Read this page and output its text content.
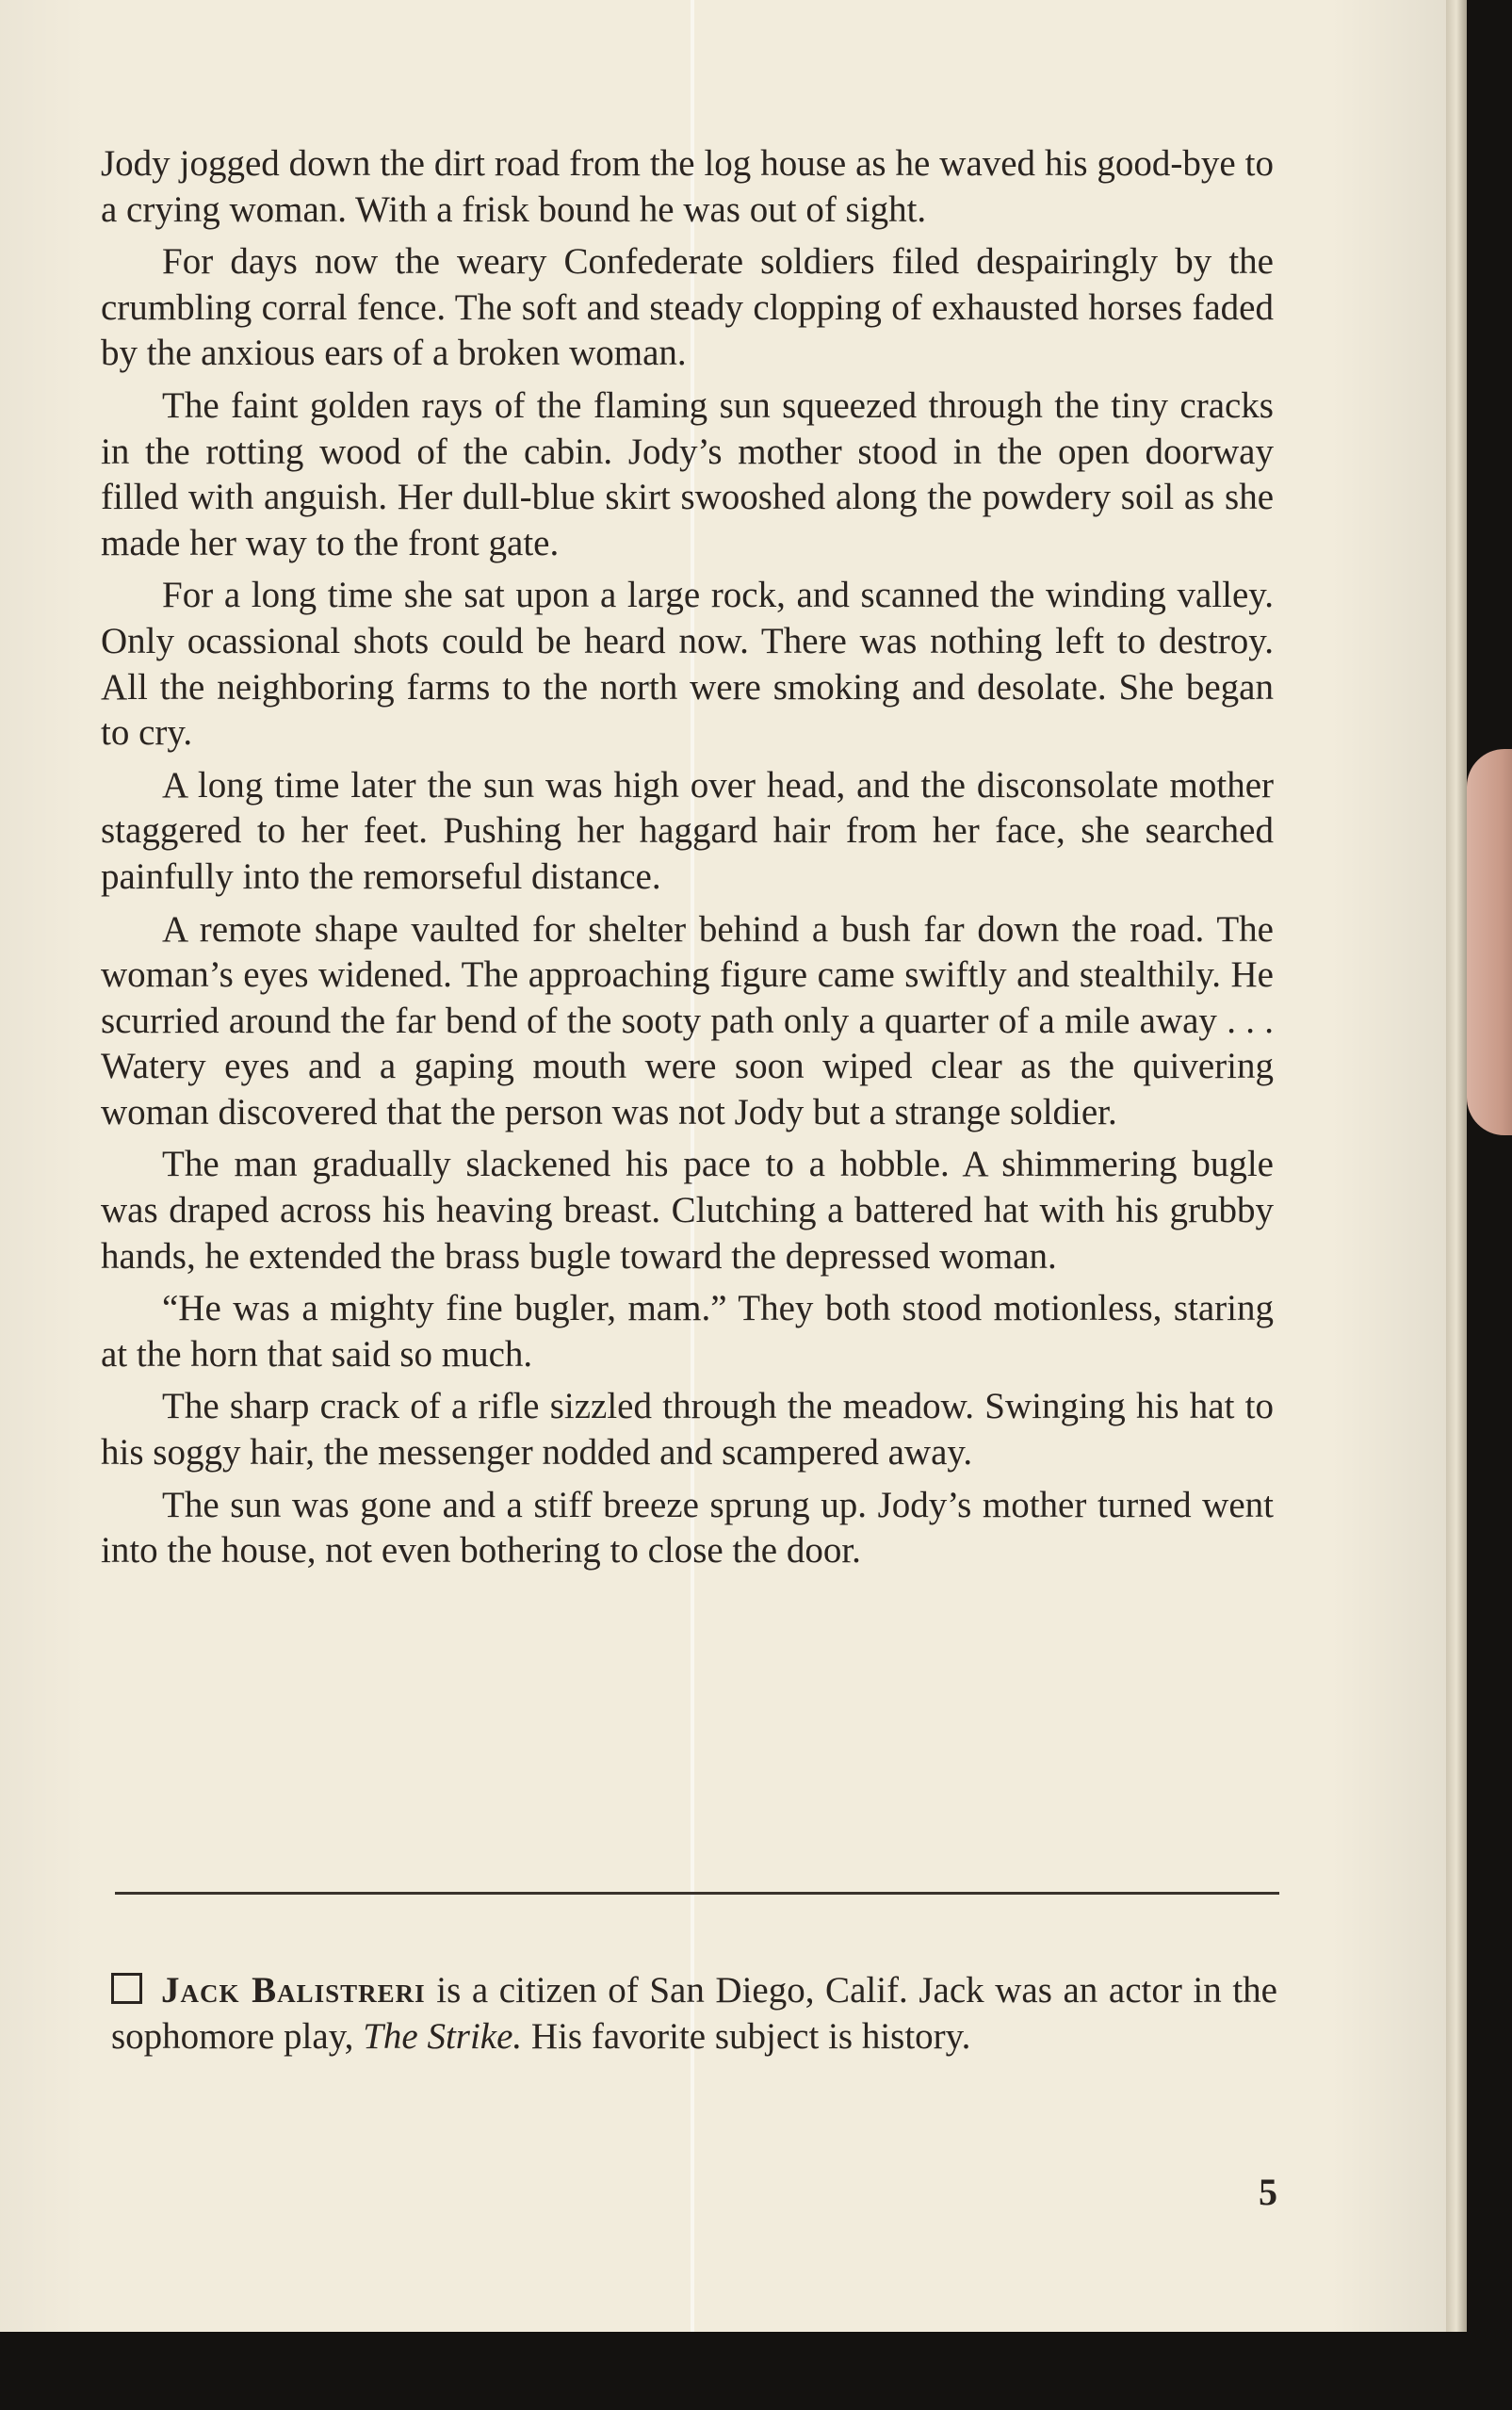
Jody jogged down the dirt road from the log house as he waved his good-bye to a crying woman. With a frisk bound he was out of sight.

For days now the weary Confederate soldiers filed despairingly by the crumbling corral fence. The soft and steady clopping of exhausted horses faded by the anxious ears of a broken woman.

The faint golden rays of the flaming sun squeezed through the tiny cracks in the rotting wood of the cabin. Jody’s mother stood in the open doorway filled with anguish. Her dull-blue skirt swooshed along the powdery soil as she made her way to the front gate.

For a long time she sat upon a large rock, and scanned the winding valley. Only ocassional shots could be heard now. There was nothing left to destroy. All the neighboring farms to the north were smoking and desolate. She began to cry.

A long time later the sun was high over head, and the disconsolate mother staggered to her feet. Pushing her haggard hair from her face, she searched painfully into the remorseful distance.

A remote shape vaulted for shelter behind a bush far down the road. The woman’s eyes widened. The approaching figure came swiftly and stealthily. He scurried around the far bend of the sooty path only a quarter of a mile away . . . Watery eyes and a gaping mouth were soon wiped clear as the quivering woman discovered that the person was not Jody but a strange soldier.

The man gradually slackened his pace to a hobble. A shimmering bugle was draped across his heaving breast. Clutching a battered hat with his grubby hands, he extended the brass bugle toward the depressed woman.

“He was a mighty fine bugler, mam.” They both stood motionless, staring at the horn that said so much.

The sharp crack of a rifle sizzled through the meadow. Swinging his hat to his soggy hair, the messenger nodded and scampered away.

The sun was gone and a stiff breeze sprung up. Jody’s mother turned went into the house, not even bothering to close the door.

Jack Balistreri is a citizen of San Diego, Calif. Jack was an actor in the sophomore play, The Strike. His favorite subject is history.

5
